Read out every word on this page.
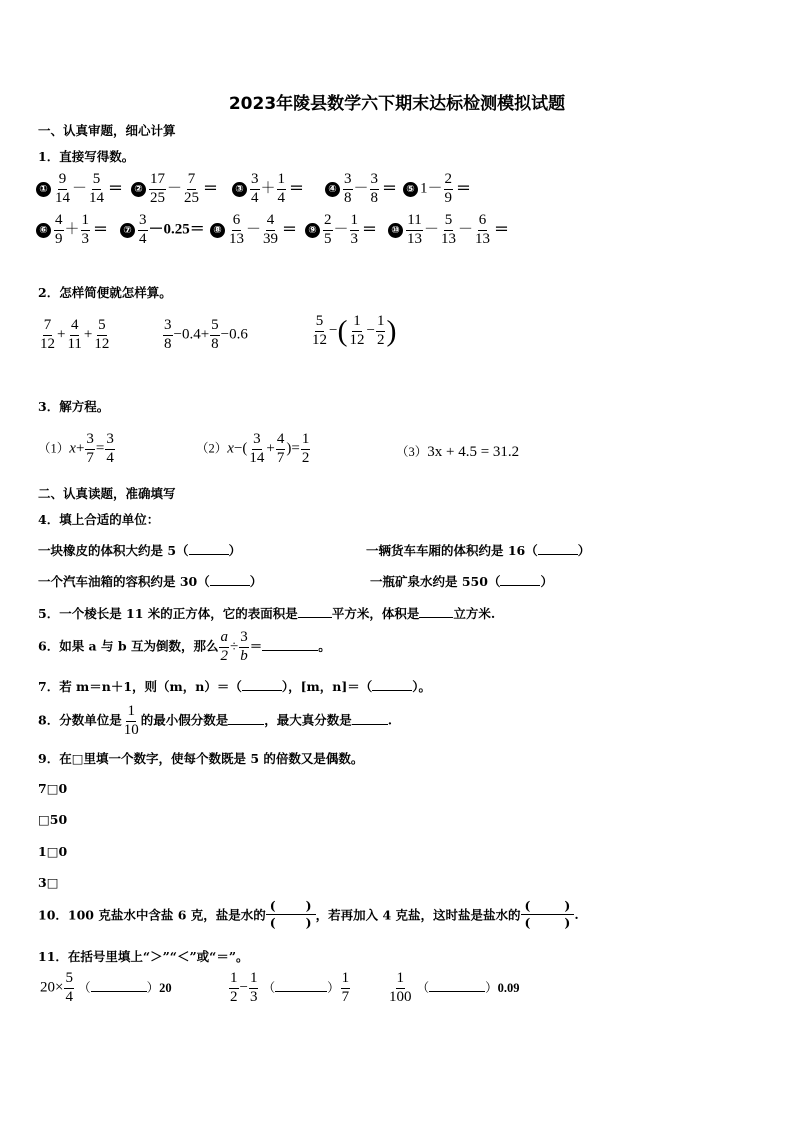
2023年陵县数学六下期末达标检测模拟试题
一、认真审题，细心计算
1．直接写得数。
① $\frac{9}{14} - \frac{5}{14}$ ＝	② $\frac{17}{25} - \frac{7}{25}$ ＝	③ $\frac{3}{4} + \frac{1}{4}$ ＝	④ $\frac{3}{8} - \frac{3}{8}$ ＝ ⑤ $1- \frac{2}{9}$ ＝
⑥ $\frac{4}{9} + \frac{1}{3}$ ＝	⑦ $\frac{3}{4} -0.25=$ ⑧ $\frac{6}{13} - \frac{4}{39}$ ＝	⑨ $\frac{2}{5} - \frac{1}{3}$ ＝	⑩ $\frac{11}{13} - \frac{5}{13} - \frac{6}{13}$ ＝
2．怎样简便就怎样算。
$\frac{7}{12} + \frac{4}{11} + \frac{5}{12}$	$\frac{3}{8} -0.4+ \frac{5}{8} -0.6$	$\frac{5}{12}$ −( $\frac{1}{12} - \frac{1}{2}$ )
3．解方程。
$(1)x+ \frac{3}{7} = \frac{3}{4}$	$(2)x-( \frac{3}{14} + \frac{4}{7}$ )= $\frac{1}{2}$	（3）3x + 4.5 = 31.2
二、认真读题，准确填写
4．填上合适的单位：
一块橡皮的体积大约是 5（	）	一辆货车车厢的体积约是 16（	）
一个汽车油箱的容积约是 30（	）	一瓶矿泉水约是 550（	）
5．一个棱长是 11 米的正方体，它的表面积是	平方米，体积是	立方米.
6．如果 a 与 b 互为倒数，那么 $\frac{a}{2} \div \frac{3}{b}$ ＝	。
7．若 m＝n＋1，则（m，n）＝（	），[m，n]＝（	）。
8．分数单位是 $\frac{1}{10}$ 的最小假分数是	，最大真分数是	.
9．在□里填一个数字，使每个数既是 5 的倍数又是偶数。
7□0
□50
1□0
3□
10．100 克盐水中含盐 6 克，盐是水的
( )
( ) ，若再加入 4 克盐，这时盐是盐水的
(	)
(	)
.
11．在括号里填上“＞”“＜”或“＝”。
$20\times \frac{5}{4}$ （	）20	$\frac{1}{2} - \frac{1}{3}$ （	） $\frac{1}{7}$	$\frac{1}{100}$ （	）0.09
